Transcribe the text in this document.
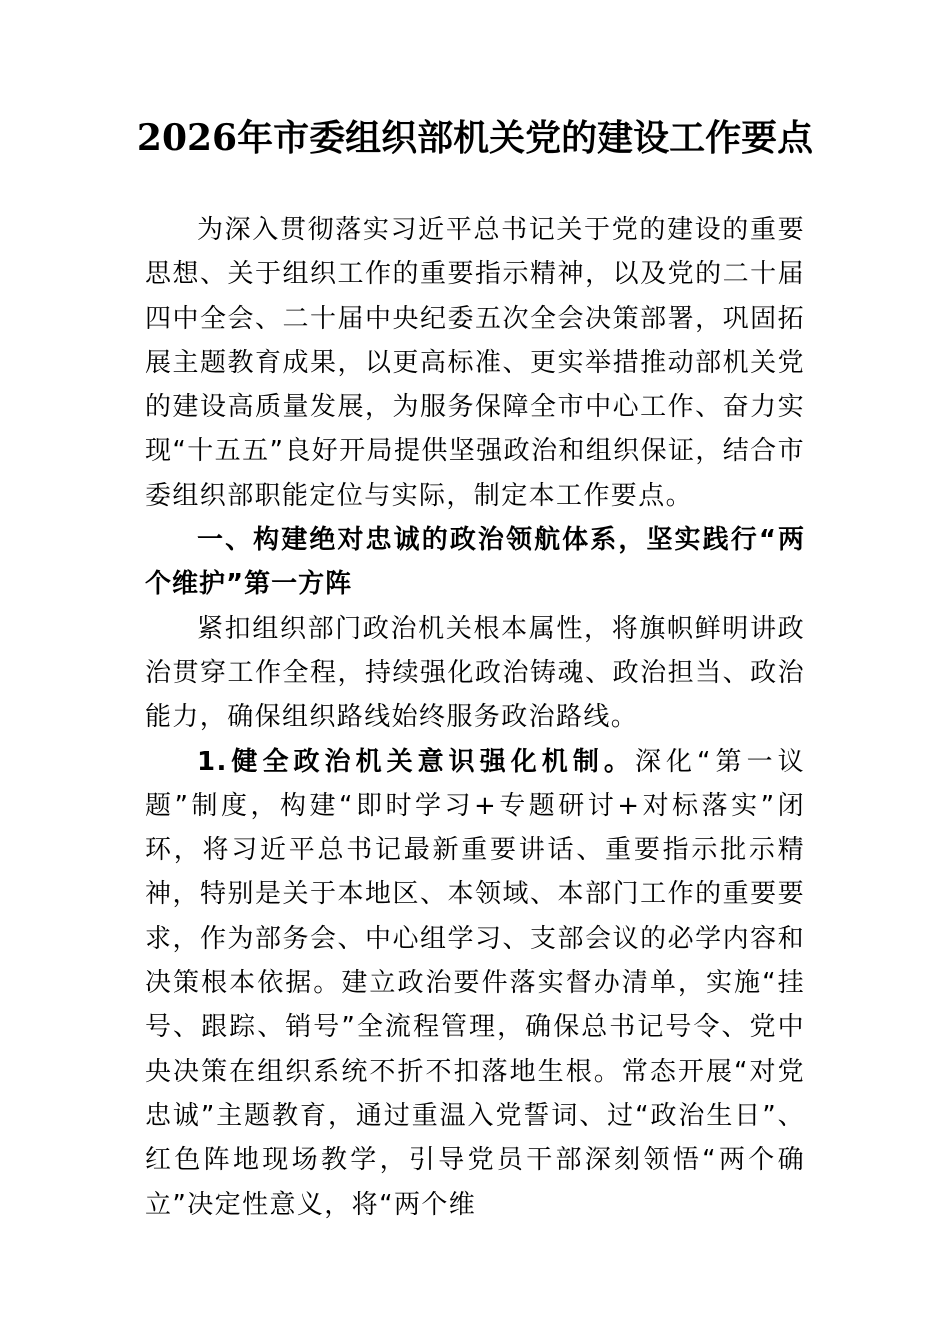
2026年市委组织部机关党的建设工作要点

为深入贯彻落实习近平总书记关于党的建设的重要思想、关于组织工作的重要指示精神，以及党的二十届四中全会、二十届中央纪委五次全会决策部署，巩固拓展主题教育成果，以更高标准、更实举措推动部机关党的建设高质量发展，为服务保障全市中心工作、奋力实现“十五五”良好开局提供坚强政治和组织保证，结合市委组织部职能定位与实际，制定本工作要点。

一、构建绝对忠诚的政治领航体系，坚实践行“两个维护”第一方阵

紧扣组织部门政治机关根本属性，将旗帜鲜明讲政治贯穿工作全程，持续强化政治铸魂、政治担当、政治能力，确保组织路线始终服务政治路线。

1.健全政治机关意识强化机制。深化“第一议题”制度，构建“即时学习+专题研讨+对标落实”闭环，将习近平总书记最新重要讲话、重要指示批示精神，特别是关于本地区、本领域、本部门工作的重要要求，作为部务会、中心组学习、支部会议的必学内容和决策根本依据。建立政治要件落实督办清单，实施“挂号、跟踪、销号”全流程管理，确保总书记号令、党中央决策在组织系统不折不扣落地生根。常态开展“对党忠诚”主题教育，通过重温入党誓词、过“政治生日”、红色阵地现场教学，引导党员干部深刻领悟“两个确立”决定性意义，将“两个维
